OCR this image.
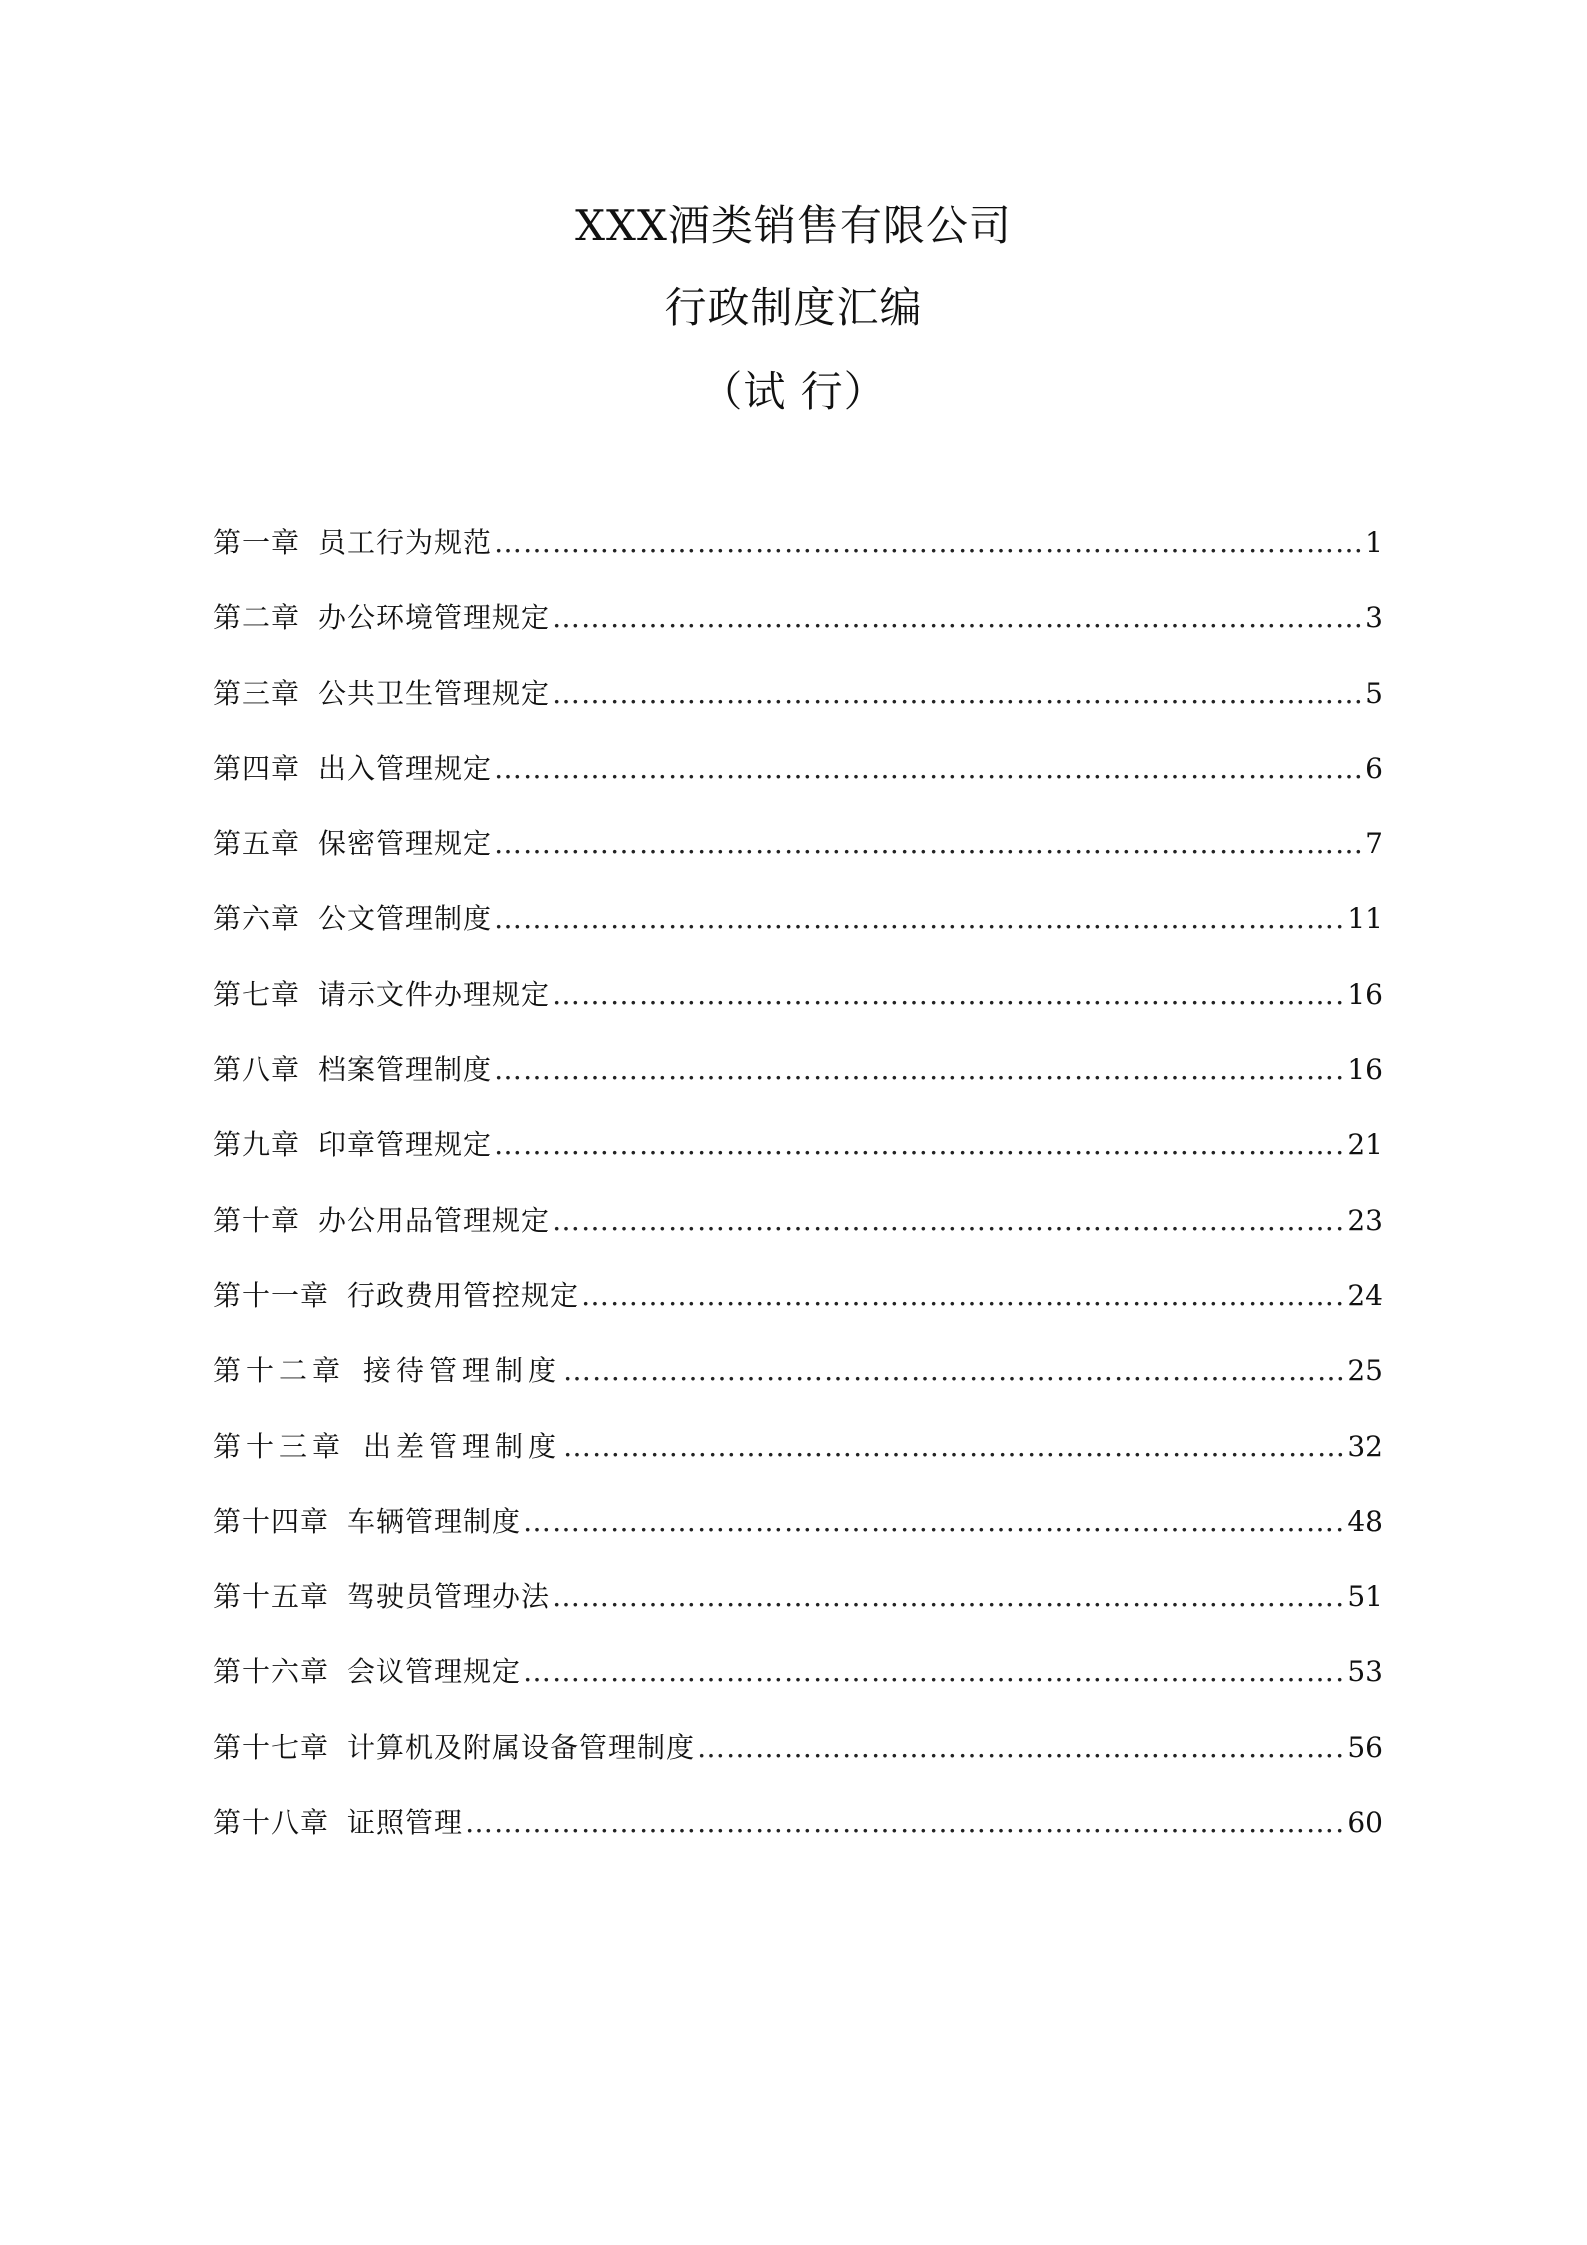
XXX酒类销售有限公司
行政制度汇编
（试 行）
第一章 员工行为规范 …………………………………………………………………………………………………………………………………………………………………………………………	1
第二章 办公环境管理规定 …………………………………………………………………………………………………………………………………………………………………………………………	3
第三章 公共卫生管理规定 …………………………………………………………………………………………………………………………………………………………………………………………	5
第四章 出入管理规定 …………………………………………………………………………………………………………………………………………………………………………………………	6
第五章 保密管理规定 …………………………………………………………………………………………………………………………………………………………………………………………	7
第六章 公文管理制度 …………………………………………………………………………………………………………………………………………………………………………………………	11
第七章 请示文件办理规定 …………………………………………………………………………………………………………………………………………………………………………………………	16
第八章 档案管理制度 …………………………………………………………………………………………………………………………………………………………………………………………	16
第九章 印章管理规定 …………………………………………………………………………………………………………………………………………………………………………………………	21
第十章 办公用品管理规定 …………………………………………………………………………………………………………………………………………………………………………………………	23
第十一章 行政费用管控规定 …………………………………………………………………………………………………………………………………………………………………………………………	24
第十二章 接待管理制度 …………………………………………………………………………………………………………………………………………………………………………………………	25
第十三章 出差管理制度 …………………………………………………………………………………………………………………………………………………………………………………………	32
第十四章 车辆管理制度 …………………………………………………………………………………………………………………………………………………………………………………………	48
第十五章 驾驶员管理办法 …………………………………………………………………………………………………………………………………………………………………………………………	51
第十六章 会议管理规定 …………………………………………………………………………………………………………………………………………………………………………………………	53
第十七章 计算机及附属设备管理制度 …………………………………………………………………………………………………………………………………………………………………………………………	56
第十八章 证照管理 …………………………………………………………………………………………………………………………………………………………………………………………	60
